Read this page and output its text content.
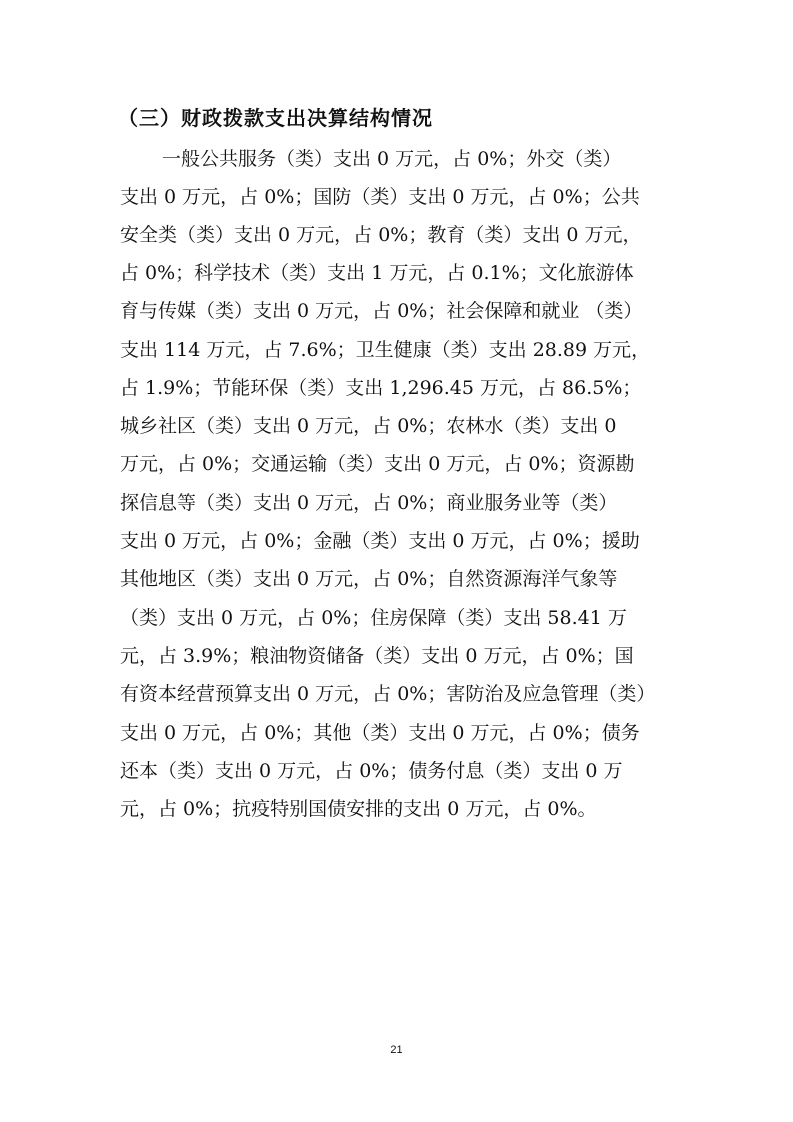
（三）财政拨款支出决算结构情况
一般公共服务（类）支出 0 万元，占 0%；外交（类）
支出 0 万元，占 0%；国防（类）支出 0 万元，占 0%；公共
安全类（类）支出 0 万元，占 0%；教育（类）支出 0 万元，
占 0%；科学技术（类）支出 1 万元，占 0.1%；文化旅游体
育与传媒（类）支出 0 万元，占 0%；社会保障和就业 （类）
支出 114 万元，占 7.6%；卫生健康（类）支出 28.89 万元，
占 1.9%；节能环保（类）支出 1,296.45 万元，占 86.5%；
城乡社区（类）支出 0 万元，占 0%；农林水（类）支出 0
万元，占 0%；交通运输（类）支出 0 万元，占 0%；资源勘
探信息等（类）支出 0 万元，占 0%；商业服务业等（类）
支出 0 万元，占 0%；金融（类）支出 0 万元，占 0%；援助
其他地区（类）支出 0 万元，占 0%；自然资源海洋气象等
（类）支出 0 万元，占 0%；住房保障（类）支出 58.41 万
元，占 3.9%；粮油物资储备（类）支出 0 万元，占 0%；国
有资本经营预算支出 0 万元，占 0%；害防治及应急管理（类）
支出 0 万元，占 0%；其他（类）支出 0 万元，占 0%；债务
还本（类）支出 0 万元，占 0%；债务付息（类）支出 0 万
元，占 0%；抗疫特别国债安排的支出 0 万元，占 0%。
21
